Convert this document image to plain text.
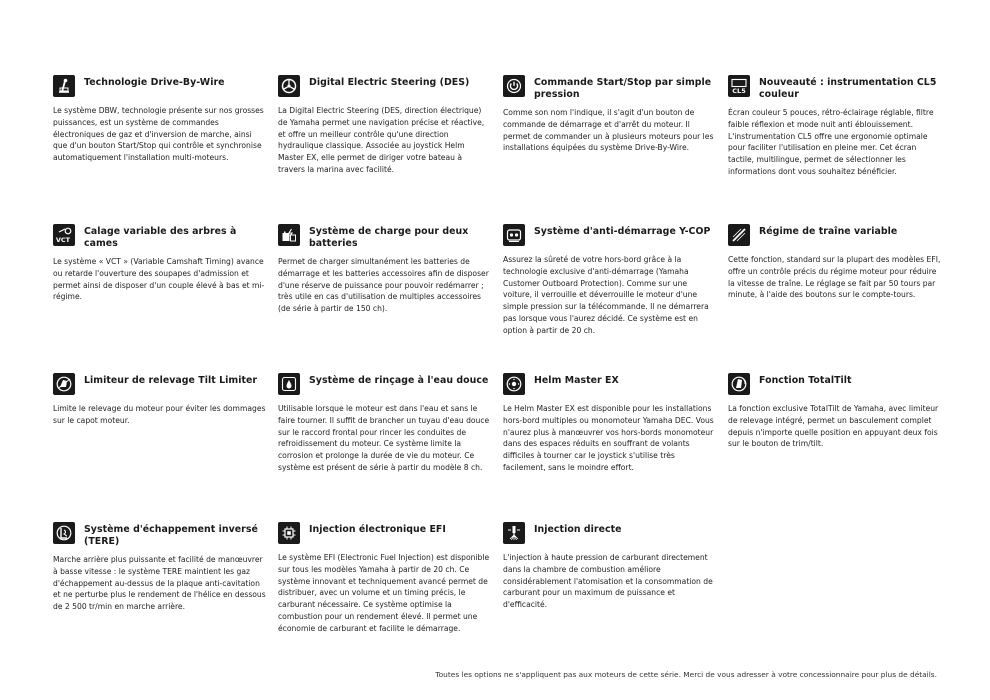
Technologie Drive-By-Wire
Le système DBW, technologie présente sur nos grosses puissances, est un système de commandes électroniques de gaz et d'inversion de marche, ainsi que d'un bouton Start/Stop qui contrôle et synchronise automatiquement l'installation multi-moteurs.
Digital Electric Steering (DES)
La Digital Electric Steering (DES, direction électrique) de Yamaha permet une navigation précise et réactive, et offre un meilleur contrôle qu'une direction hydraulique classique. Associée au joystick Helm Master EX, elle permet de diriger votre bateau à travers la marina avec facilité.
Commande Start/Stop par simple pression
Comme son nom l'indique, il s'agit d'un bouton de commande de démarrage et d'arrêt du moteur. Il permet de commander un à plusieurs moteurs pour les installations équipées du système Drive-By-Wire.
CL5
Nouveauté : instrumentation CL5 couleur
Écran couleur 5 pouces, rétro-éclairage réglable, filtre faible réflexion et mode nuit anti éblouissement. L'instrumentation CL5 offre une ergonomie optimale pour faciliter l'utilisation en pleine mer. Cet écran tactile, multilingue, permet de sélectionner les informations dont vous souhaitez bénéficier.
VCT
Calage variable des arbres à cames
Le système « VCT » (Variable Camshaft Timing) avance ou retarde l'ouverture des soupapes d'admission et permet ainsi de disposer d'un couple élevé à bas et mi-régime.
Système de charge pour deux batteries
Permet de charger simultanément les batteries de démarrage et les batteries accessoires afin de disposer d'une réserve de puissance pour pouvoir redémarrer ; très utile en cas d'utilisation de multiples accessoires (de série à partir de 150 ch).
Système d'anti-démarrage Y-COP
Assurez la sûreté de votre hors-bord grâce à la technologie exclusive d'anti-démarrage (Yamaha Customer Outboard Protection). Comme sur une voiture, il verrouille et déverrouille le moteur d'une simple pression sur la télécommande. Il ne démarrera pas lorsque vous l'aurez décidé. Ce système est en option à partir de 20 ch.
Régime de traîne variable
Cette fonction, standard sur la plupart des modèles EFI, offre un contrôle précis du régime moteur pour réduire la vitesse de traîne. Le réglage se fait par 50 tours par minute, à l'aide des boutons sur le compte-tours.
Limiteur de relevage Tilt Limiter
Limite le relevage du moteur pour éviter les dommages sur le capot moteur.
Système de rinçage à l'eau douce
Utilisable lorsque le moteur est dans l'eau et sans le faire tourner. Il suffit de brancher un tuyau d'eau douce sur le raccord frontal pour rincer les conduites de refroidissement du moteur. Ce système limite la corrosion et prolonge la durée de vie du moteur. Ce système est présent de série à partir du modèle 8 ch.
Helm Master EX
Le Helm Master EX est disponible pour les installations hors-bord multiples ou monomoteur Yamaha DEC. Vous n'aurez plus à manœuvrer vos hors-bords monomoteur dans des espaces réduits en souffrant de volants difficiles à tourner car le joystick s'utilise très facilement, sans le moindre effort.
Fonction TotalTilt
La fonction exclusive TotalTilt de Yamaha, avec limiteur de relevage intégré, permet un basculement complet depuis n'importe quelle position en appuyant deux fois sur le bouton de trim/tilt.
Système d'échappement inversé (TERE)
Marche arrière plus puissante et facilité de manœuvrer à basse vitesse : le système TERE maintient les gaz d'échappement au-dessus de la plaque anti-cavitation et ne perturbe plus le rendement de l'hélice en dessous de 2 500 tr/min en marche arrière.
Injection électronique EFI
Le système EFI (Electronic Fuel Injection) est disponible sur tous les modèles Yamaha à partir de 20 ch. Ce système innovant et techniquement avancé permet de distribuer, avec un volume et un timing précis, le carburant nécessaire. Ce système optimise la combustion pour un rendement élevé. Il permet une économie de carburant et facilite le démarrage.
Injection directe
L'injection à haute pression de carburant directement dans la chambre de combustion améliore considérablement l'atomisation et la consommation de carburant pour un maximum de puissance et d'efficacité.
Toutes les options ne s'appliquent pas aux moteurs de cette série. Merci de vous adresser à votre concessionnaire pour plus de détails.
